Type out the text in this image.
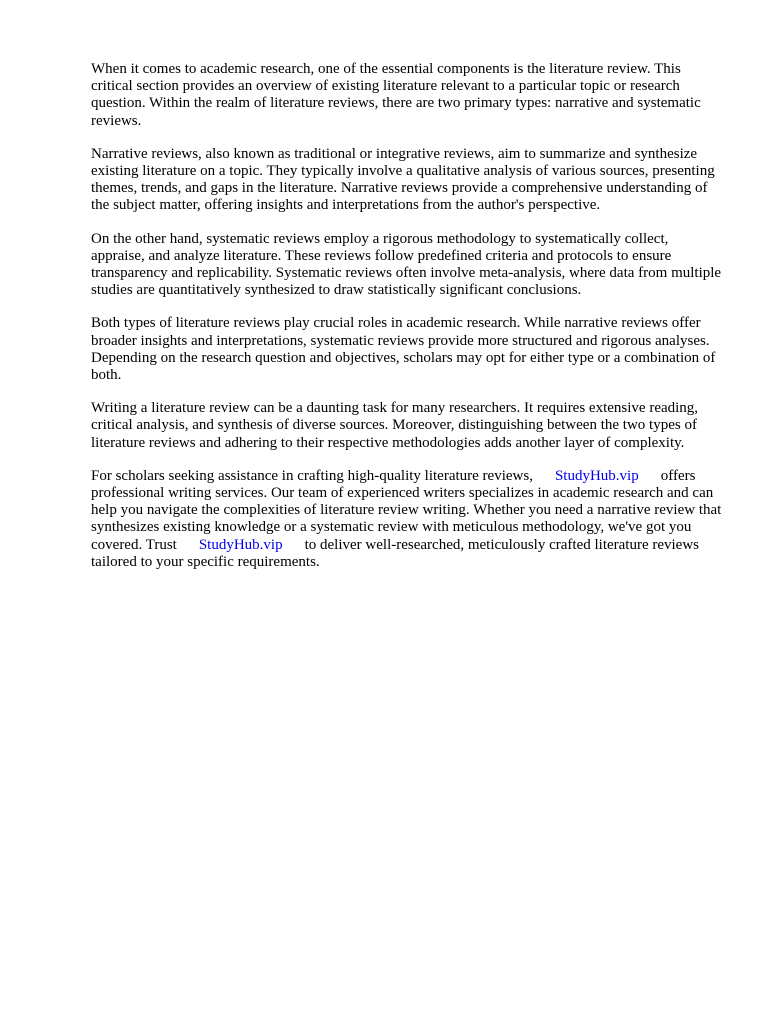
When it comes to academic research, one of the essential components is the literature review. This critical section provides an overview of existing literature relevant to a particular topic or research question. Within the realm of literature reviews, there are two primary types: narrative and systematic reviews.

Narrative reviews, also known as traditional or integrative reviews, aim to summarize and synthesize existing literature on a topic. They typically involve a qualitative analysis of various sources, presenting themes, trends, and gaps in the literature. Narrative reviews provide a comprehensive understanding of the subject matter, offering insights and interpretations from the author's perspective.

On the other hand, systematic reviews employ a rigorous methodology to systematically collect, appraise, and analyze literature. These reviews follow predefined criteria and protocols to ensure transparency and replicability. Systematic reviews often involve meta-analysis, where data from multiple studies are quantitatively synthesized to draw statistically significant conclusions.

Both types of literature reviews play crucial roles in academic research. While narrative reviews offer broader insights and interpretations, systematic reviews provide more structured and rigorous analyses. Depending on the research question and objectives, scholars may opt for either type or a combination of both.

Writing a literature review can be a daunting task for many researchers. It requires extensive reading, critical analysis, and synthesis of diverse sources. Moreover, distinguishing between the two types of literature reviews and adhering to their respective methodologies adds another layer of complexity.

For scholars seeking assistance in crafting high-quality literature reviews, StudyHub.vip offers professional writing services. Our team of experienced writers specializes in academic research and can help you navigate the complexities of literature review writing. Whether you need a narrative review that synthesizes existing knowledge or a systematic review with meticulous methodology, we've got you covered. Trust StudyHub.vip to deliver well-researched, meticulously crafted literature reviews tailored to your specific requirements.
